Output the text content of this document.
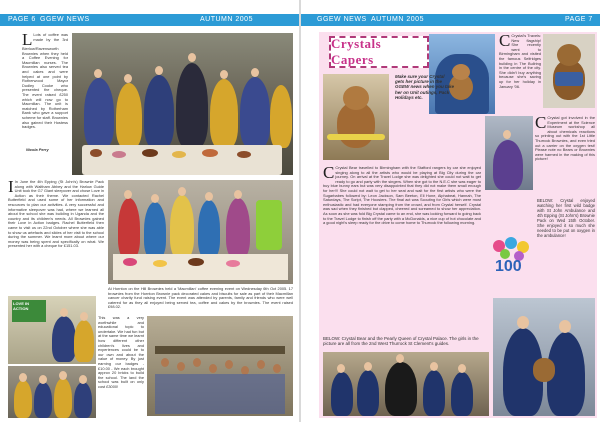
PAGE 6 GGEW NEWS	AUTUMN 2005
L Lots of coffee was made by the 3rd Bierlow/Ravensworth Brownies when they held a Coffee Evening for Macmillan nurses. The Brownies also served tea and cakes and were helped at one point by Rotherwood Mayor Dudley Cooke who presented the cheque. The event raised £250 which will now go to Macmillan. The unit is matched by Rotherham Bank who gave a support scheme for staff. Brownies also gained their Hostess badges.
Nicola Perry
I In June the 4th Epping (St John's) Brownie Pack along with Waltham Abbey and the Harlow Guide Unit took the G7 Giant sleepover and chose Love in Action as their theme. We contacted Rachel Butterfield and used some of her information and resources to plan our activities. A very successful and informative sleepover was had, where we learned all about the school she was building in Uganda and the country and its children's needs. All Brownies gained their Love in Action badges. Rachel Butterfield then came to visit us on 22nd October where she was able to show us artefacts and slides of her visit to the school during the summer. We learnt more about where our money was being spent and specifically on what. We presented her with a cheque for £151.03.
At Hornton on the Hill Brownies held a 'Macmillan' coffee evening event on Wednesday 6th Oct 2005. 17 brownies from the Hornton Brownie pack decorated cakes and biscuits for sale as part of their Macmillan cancer charity fund raising event. The event was attended by parents, family and friends who were well catered for as they all enjoyed being served tea, coffee and cakes by the brownies. The event raised £98.02.
LOVE IN ACTION
This was a very worthwhile and educational topic to undertake. We had fun but at the same time we learnt how different other children's lives and experiences could be to our own and about the value of money. By just earning our badges - £10.00 - We each brought approx 20 bricks to build the school. The land the school was built on only cost £3000!
GGEW NEWS AUTUMN 2005	PAGE 7
Crystals Capers
C Crystal's Travels: New flagship! She recently went to Birmingham and visited the famous Selfridges building in The Bullring in the centre of the city. She didn't buy anything because she's saving up for her holiday in January '06.
Make sure your Crystal gets her picture in the GGEW news when you take her on Unit outings, Pack Holidays etc.
C Crystal Bear travelled to Birmingham with the Stafford rangers by car she enjoyed singing along to all the artists who would be playing at Big City during the car journey. On arrival at the Travel Lodge she was delighted she could not wait to get ready to go and party with the singers. When she got to the N.E.C she was eager to buy blue bunny ears but was very disappointed that they did not make them small enough for her!!! She could not wait to get to her seat and wait for the first artists who were the Sugarbabes followed by: Leon Jackson, Sam Beeton, Ell Hone, Alphabeat, Hannah, The Saturdays, The Script, The Hoosiers. The final act was Scouting for Girls which were most enthusiastic and had everyone stamping from the crowd, and from Crystal herself. Crystal was sad when they finished but clapped, cheered and screamed to show her appreciation. As soon as she was fold Big Crystal came to an end, she was looking forward to going back to the Travel Lodge to finish off the party with a McDonalds, a nice cup of hot chocolate and a good night's sleep ready for the drive to come home to Thurrock the following morning.
C Crystal got involved in the Experiment at the Science Museum workshop all about chemicals reactions so printing out with the 1st Little Thurrock Brownies, and even tried out a carrier on the oxygen test! Please note no Bears or Brownies were harmed in the making of this picture!
100
BELOW: Crystal enjoyed watching her first wild badge with St John Ambulance and 4th Epping (St John's) Brownie Pack on Wed 15th October. She enjoyed it so much she needed to be put on oxygen in the ambulance!
BELOW: Crystal Bear and the Pearly Queen of Crystal Palace. The girls in the picture are all from the 2nd West Thurrock St Clement's guides.
